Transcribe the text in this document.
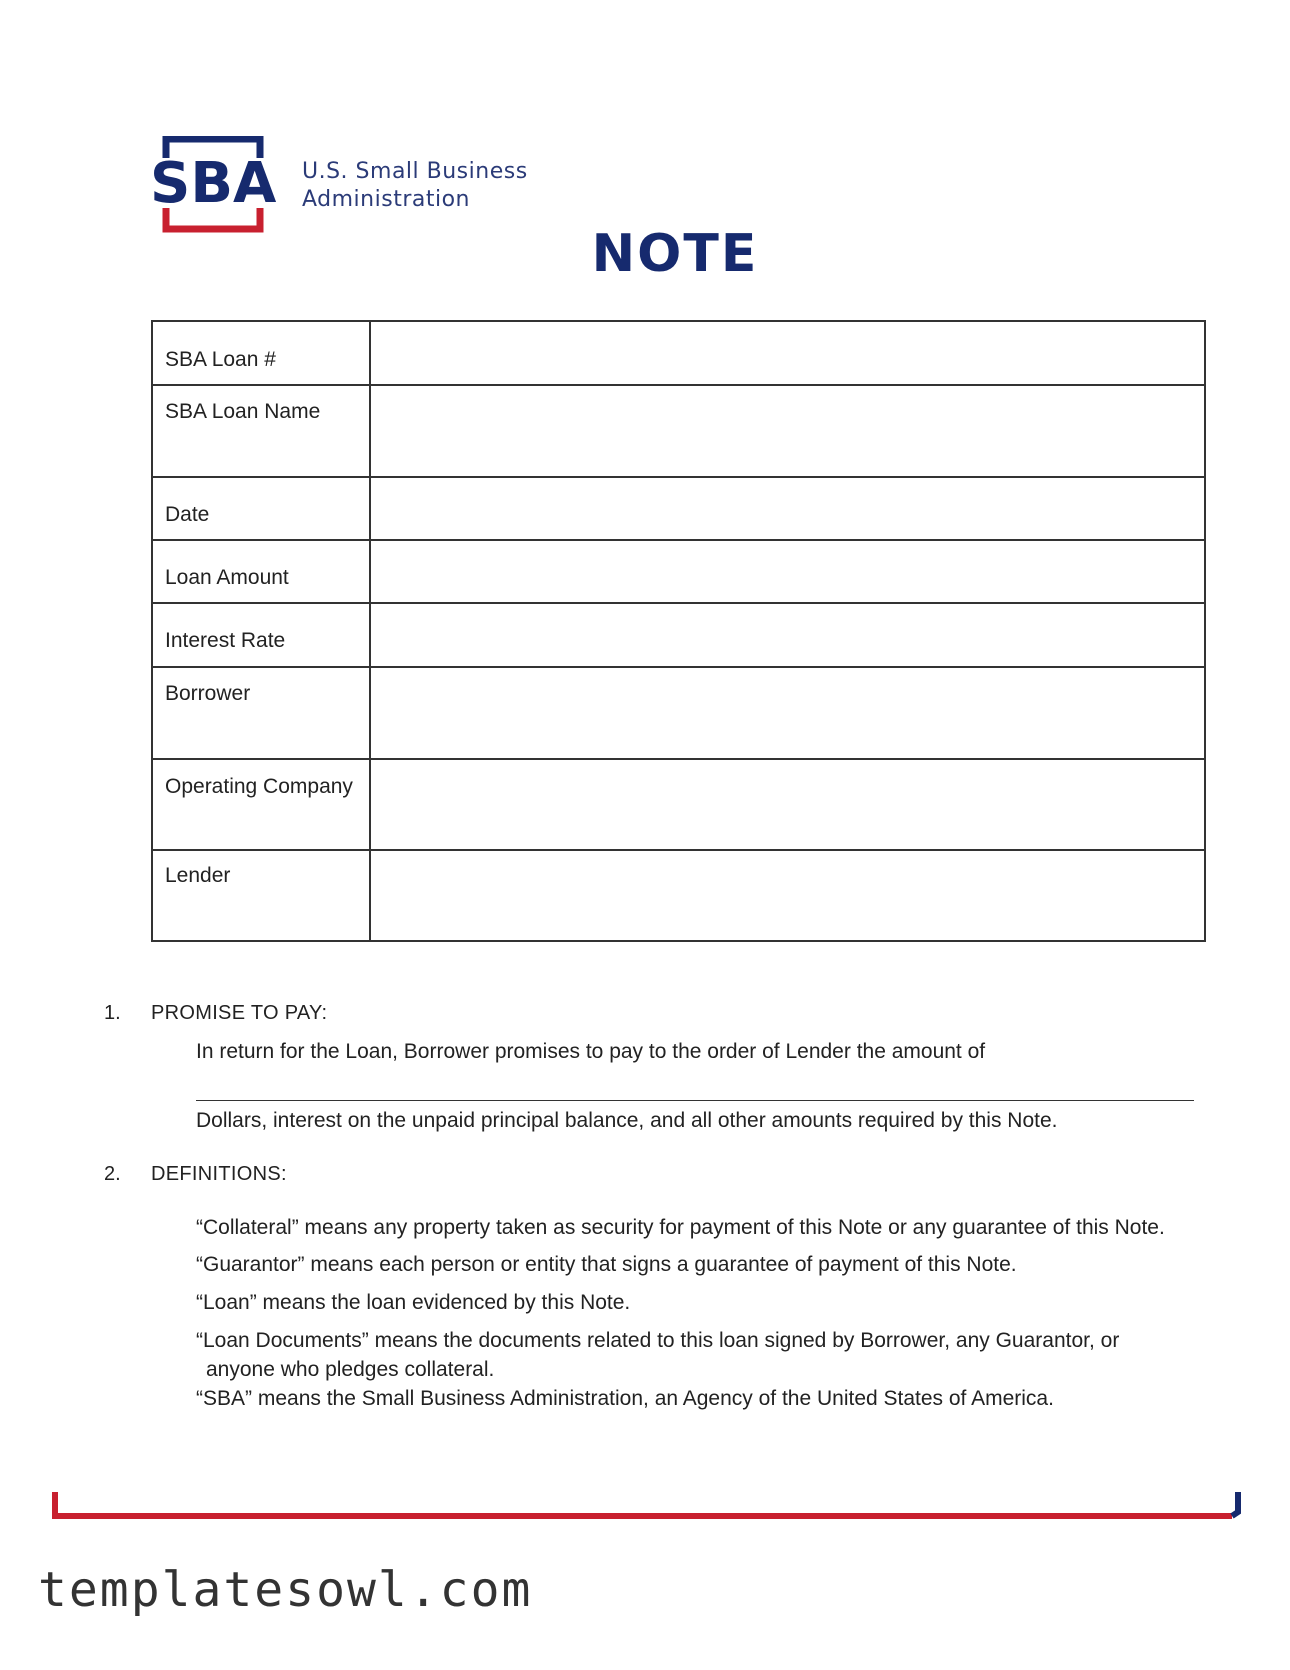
SBA U.S. Small Business
Administration
NOTE
SBA Loan #	

SBA Loan Name	

Date	

Loan Amount	

Interest Rate	

Borrower	

Operating Company	

Lender	

1. PROMISE TO PAY:
In return for the Loan, Borrower promises to pay to the order of Lender the amount of
Dollars, interest on the unpaid principal balance, and all other amounts required by this Note.
2. DEFINITIONS:
“Collateral” means any property taken as security for payment of this Note or any guarantee of this Note.
“Guarantor” means each person or entity that signs a guarantee of payment of this Note.
“Loan” means the loan evidenced by this Note.
“Loan Documents” means the documents related to this loan signed by Borrower, any Guarantor, or
anyone who pledges collateral.
“SBA” means the Small Business Administration, an Agency of the United States of America.
templatesowl.com
